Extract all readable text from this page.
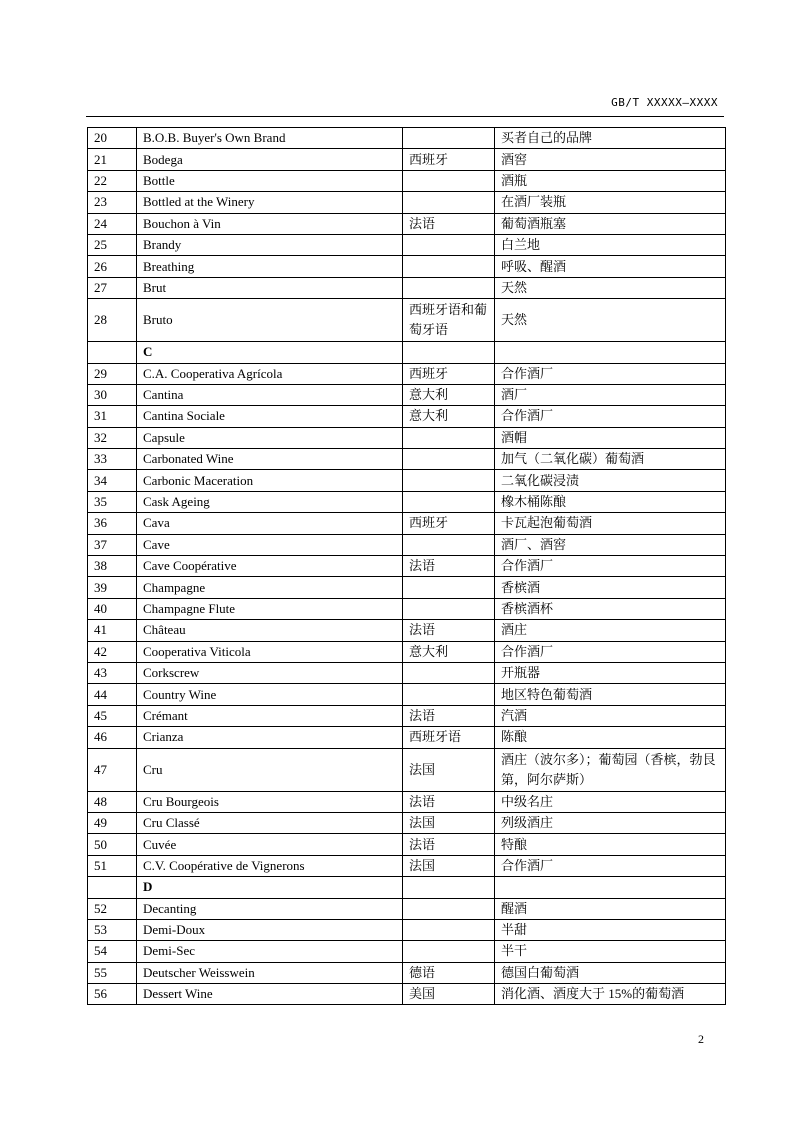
GB/T XXXXX—XXXX
20	B.O.B. Buyer's Own Brand		买者自己的品牌
21	Bodega	西班牙	酒窖
22	Bottle		酒瓶
23	Bottled at the Winery		在酒厂装瓶
24	Bouchon à Vin	法语	葡萄酒瓶塞
25	Brandy		白兰地
26	Breathing		呼吸、醒酒
27	Brut		天然
28	Bruto	西班牙语和葡萄牙语	天然
	C		
29	C.A. Cooperativa Agrícola	西班牙	合作酒厂
30	Cantina	意大利	酒厂
31	Cantina Sociale	意大利	合作酒厂
32	Capsule		酒帽
33	Carbonated Wine		加气（二氧化碳）葡萄酒
34	Carbonic Maceration		二氧化碳浸渍
35	Cask Ageing		橡木桶陈酿
36	Cava	西班牙	卡瓦起泡葡萄酒
37	Cave		酒厂、酒窖
38	Cave Coopérative	法语	合作酒厂
39	Champagne		香槟酒
40	Champagne Flute		香槟酒杯
41	Château	法语	酒庄
42	Cooperativa Viticola	意大利	合作酒厂
43	Corkscrew		开瓶器
44	Country Wine		地区特色葡萄酒
45	Crémant	法语	汽酒
46	Crianza	西班牙语	陈酿
47	Cru	法国	酒庄（波尔多）；葡萄园（香槟，勃艮第，阿尔萨斯）
48	Cru Bourgeois	法语	中级名庄
49	Cru Classé	法国	列级酒庄
50	Cuvée	法语	特酿
51	C.V. Coopérative de Vignerons	法国	合作酒厂
	D		
52	Decanting		醒酒
53	Demi-Doux		半甜
54	Demi-Sec		半干
55	Deutscher Weisswein	德语	德国白葡萄酒
56	Dessert Wine	美国	消化酒、酒度大于 15%的葡萄酒
2
